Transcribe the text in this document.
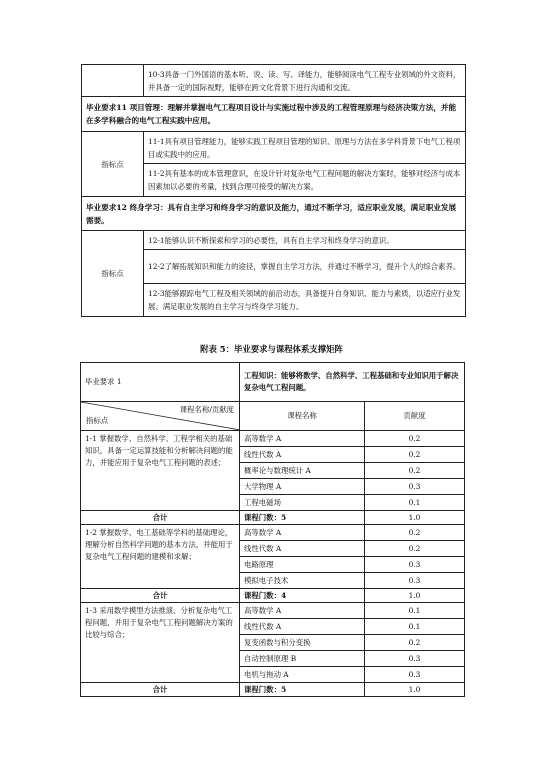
	10-3具备一门外国语的基本听、说、读、写、译能力，能够阅读电气工程专业领域的外文资料，并具备一定的国际视野，能够在跨文化背景下进行沟通和交流。
毕业要求11 项目管理：理解并掌握电气工程项目设计与实施过程中涉及的工程管理原理与经济决策方法，并能在多学科融合的电气工程实践中应用。	
指标点	11-1具有项目管理能力，能够实践工程项目管理的知识、原理与方法在多学科背景下电气工程项目或实践中的应用。
	11-2具有基本的成本管理意识，在设计针对复杂电气工程问题的解决方案时，能够对经济与成本因素加以必要的考量，找到合理可接受的解决方案。
毕业要求12 终身学习：具有自主学习和终身学习的意识及能力，通过不断学习，适应职业发展，满足职业发展需要。	
指标点	12-1能够认识不断探索和学习的必要性，具有自主学习和终身学习的意识。
	12-2了解拓展知识和能力的途径，掌握自主学习方法，并通过不断学习，提升个人的综合素养。
	12-3能够跟踪电气工程及相关领域的前沿动态，具备提升自身知识、能力与素质，以适应行业发展、满足职业发展的自主学习与终身学习能力。
附表 5：毕业要求与课程体系支撑矩阵
毕业要求 1	工程知识：能够将数学、自然科学、工程基础和专业知识用于解决复杂电气工程问题。	

课程名称/贡献度
指标点	课程名称	贡献度
1-1 掌握数学、自然科学、工程学相关的基础知识，具备一定运算技能和分析解决问题的能力，并能应用于复杂电气工程问题的表述；	高等数学 A	0.2
	线性代数 A	0.2
	概率论与数理统计 A	0.2
	大学物理 A	0.3
	工程电磁场	0.1
合计	课程门数：5	1.0
1-2 掌握数学、电工基础等学科的基础理论，理解分析自然科学问题的基本方法，并能用于复杂电气工程问题的建模和求解；	高等数学 A	0.2
	线性代数 A	0.2
	电路原理	0.3
	模拟电子技术	0.3
合计	课程门数：4	1.0
1-3 采用数学模型方法推演、分析复杂电气工程问题，并用于复杂电气工程问题解决方案的比较与综合；	高等数学 A	0.1
	线性代数 A	0.1
	复变函数与积分变换	0.2
	自动控制原理 B	0.3
	电机与拖动 A	0.3
合计	课程门数：5	1.0
